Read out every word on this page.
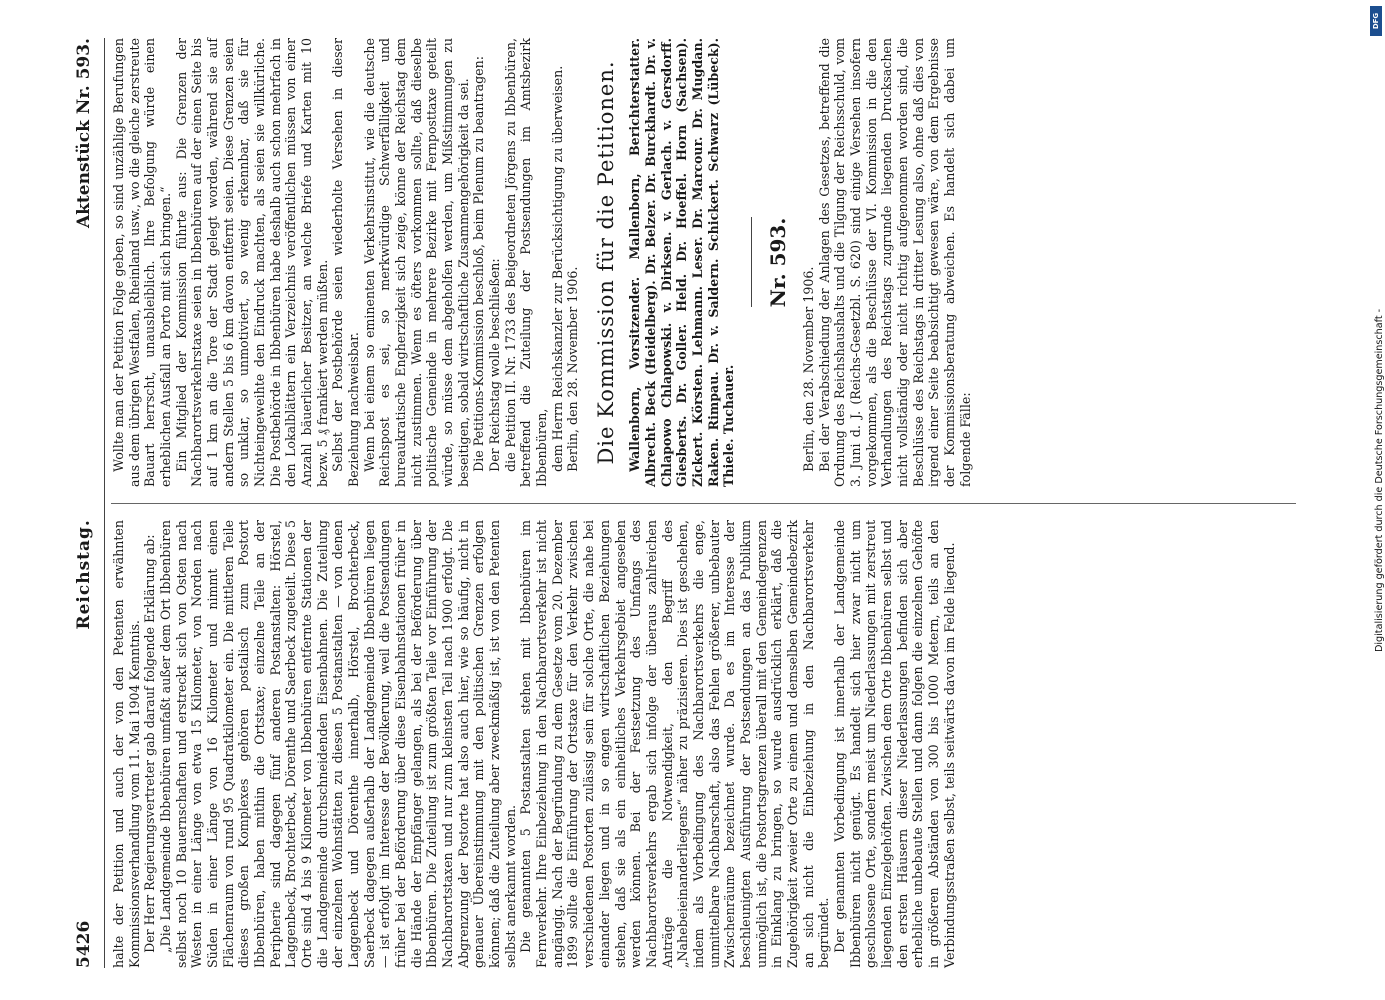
5426
Reichstag.
Aktenstück Nr. 593.

halte der Petition und auch der von den Petenten erwähnten Kommissionsverhandlung vom 11. Mai 1904 Kenntnis. Der Herr Regierungsvertreter gab darauf folgende Erklärung ab: „Die Landgemeinde Ibbenbüren umfaßt außer dem Ort Ibbenbüren selbst noch 10 Bauernschaften und erstreckt sich von Osten nach Westen in einer Länge von etwa 15 Kilometer, von Norden nach Süden in einer Länge von 16 Kilometer und nimmt einen Flächenraum von rund 95 Quadratkilometer ein. Die mittleren Teile dieses großen Komplexes gehören postalisch zum Postort Ibbenbüren, haben mithin die Ortstaxe; einzelne Teile an der Peripherie sind dagegen fünf anderen Postanstalten: Hörstel, Laggenbeck, Brochterbeck, Dörenthe und Saerbeck zugeteilt. Diese 5 Orte sind 4 bis 9 Kilometer von Ibbenbüren entfernte Stationen der die Landgemeinde durchschneidenden Eisenbahnen. Die Zuteilung der einzelnen Wohnstätten zu diesen 5 Postanstalten — von denen Laggenbeck und Dörenthe innerhalb, Hörstel, Brochterbeck, Saerbeck dagegen außerhalb der Landgemeinde Ibbenbüren liegen — ist erfolgt im Interesse der Bevölkerung, weil die Postsendungen früher bei der Beförderung über diese Eisenbahnstationen früher in die Hände der Empfänger gelangen, als bei der Beförderung über Ibbenbüren. Die Zuteilung ist zum größten Teile vor Einführung der Nachbarortstaxen und nur zum kleinsten Teil nach 1900 erfolgt. Die Abgrenzung der Postorte hat also auch hier, wie so häufig, nicht in genauer Übereinstimmung mit den politischen Grenzen erfolgen können; daß die Zuteilung aber zweckmäßig ist, ist von den Petenten selbst anerkannt worden. Die genannten 5 Postanstalten stehen mit Ibbenbüren im Fernverkehr. Ihre Einbeziehung in den Nachbarortsverkehr ist nicht angängig. Nach der Begründung zu dem Gesetze vom 20. Dezember 1899 sollte die Einführung der Ortstaxe für den Verkehr zwischen verschiedenen Postorten zulässig sein für solche Orte, die nahe bei einander liegen und in so engen wirtschaftlichen Beziehungen stehen, daß sie als ein einheitliches Verkehrsgebiet angesehen werden können. Bei der Festsetzung des Umfangs des Nachbarortsverkehrs ergab sich infolge der überaus zahlreichen Anträge die Notwendigkeit, den Begriff des „Nahebeieinanderliegens“ näher zu präzisieren. Dies ist geschehen, indem als Vorbedingung des Nachbarortsverkehrs die enge, unmittelbare Nachbarschaft, also das Fehlen größerer, unbebauter Zwischenräume bezeichnet wurde. Da es im Interesse der beschleunigten Ausführung der Postsendungen an das Publikum unmöglich ist, die Postortsgrenzen überall mit den Gemeindegrenzen in Einklang zu bringen, so wurde ausdrücklich erklärt, daß die Zugehörigkeit zweier Orte zu einem und demselben Gemeindebezirk an sich nicht die Einbeziehung in den Nachbarortsverkehr begründet. Der genannten Vorbedingung ist innerhalb der Landgemeinde Ibbenbüren nicht genügt. Es handelt sich hier zwar nicht um geschlossene Orte, sondern meist um Niederlassungen mit zerstreut liegenden Einzelgehöften. Zwischen dem Orte Ibbenbüren selbst und den ersten Häusern dieser Niederlassungen befinden sich aber erhebliche unbebaute Stellen und dann folgen die einzelnen Gehöfte in größeren Abständen von 300 bis 1000 Metern, teils an den Verbindungsstraßen selbst, teils seitwärts davon im Felde liegend.

Wollte man der Petition Folge geben, so sind unzählige Berufungen aus dem übrigen Westfalen, Rheinland usw., wo die gleiche zerstreute Bauart herrscht, unausbleiblich. Ihre Befolgung würde einen erheblichen Ausfall an Porto mit sich bringen.“ Ein Mitglied der Kommission führte aus: Die Grenzen der Nachbarortsverkehrstaxe seien in Ibbenbüren auf der einen Seite bis auf 1 km an die Tore der Stadt gelegt worden, während sie auf andern Stellen 5 bis 6 km davon entfernt seien. Diese Grenzen seien so unklar, so unmotiviert, so wenig erkennbar, daß sie für Nichteingeweihte den Eindruck machten, als seien sie willkürliche. Die Postbehörde in Ibbenbüren habe deshalb auch schon mehrfach in den Lokalblättern ein Verzeichnis veröffentlichen müssen von einer Anzahl bäuerlicher Besitzer, an welche Briefe und Karten mit 10 bezw. 5 ₰ frankiert werden müßten. Selbst der Postbehörde seien wiederholte Versehen in dieser Beziehung nachweisbar. Wenn bei einem so eminenten Verkehrsinstitut, wie die deutsche Reichspost es sei, so merkwürdige Schwerfälligkeit und bureaukratische Engherzigkeit sich zeige, könne der Reichstag dem nicht zustimmen. Wenn es öfters vorkommen sollte, daß dieselbe politische Gemeinde in mehrere Bezirke mit Fernposttaxe geteilt würde, so müsse dem abgeholfen werden, um Mißstimmungen zu beseitigen, sobald wirtschaftliche Zusammengehörigkeit da sei. Die Petitions-Kommission beschloß, beim Plenum zu beantragen: Der Reichstag wolle beschließen: die Petition II. Nr. 1733 des Beigeordneten Jörgens zu Ibbenbüren, betreffend die Zuteilung der Postsendungen im Amtsbezirk Ibbenbüren, dem Herrn Reichskanzler zur Berücksichtigung zu überweisen. Berlin, den 28. November 1906. Die Kommission für die Petitionen. Wallenborn, Vorsitzender. Mallenborn, Berichterstatter. Albrecht. Beck (Heidelberg). Dr. Belzer. Dr. Burckhardt. Dr. v. Chlapowo Chlapowski. v. Dirksen. v. Gerlach. v. Gersdorff. Giesberts. Dr. Goller. Held. Dr. Hoeffel. Horn (Sachsen). Zickert. Körsten. Lehmann. Leser. Dr. Marcour. Dr. Mugdan. Raken. Rimpau. Dr. v. Saldern. Schickert. Schwarz (Lübeck). Thiele. Tuchauer.

Nr. 593.

Berlin, den 28. November 1906. Bei der Verabschiedung der Anlagen des Gesetzes, betreffend die Ordnung des Reichshaushalts und die Tilgung der Reichsschuld, vom 3. Juni d. J. (Reichs-Gesetzbl. S. 620) sind einige Versehen insofern vorgekommen, als die Beschlüsse der VI. Kommission in die den Verhandlungen des Reichstags zugrunde liegenden Drucksachen nicht vollständig oder nicht richtig aufgenommen worden sind, die Beschlüsse des Reichstags in dritter Lesung also, ohne daß dies von irgend einer Seite beabsichtigt gewesen wäre, von dem Ergebnisse der Kommissionsberatung abweichen. Es handelt sich dabei um folgende Fälle:	Digitalisierung gefördert durch die Deutsche Forschungsgemeinschaft -
DFG
